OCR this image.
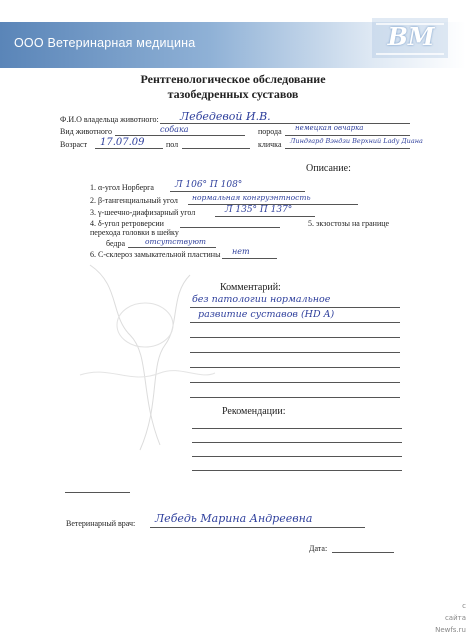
ООО Ветеринарная медицина	ВМ
Рентгенологическое обследование
тазобедренных суставов
Ф.И.О владельца животного: Лебедевой И.В.
Вид животного	собака	порода немецкая овчарка
Возраст 17.07.09	пол	кличка Линдгард Вэндзи Верхний Lady Диана
Описание:
1. α-угол Норберга Л 106° П 108°
2. β-тангенциальный угол нормальная конгруэнтность
3. γ-шеечно-диафизарный угол	Л 135° П 137°
4. δ-угол ретроверсии	5. экзостозы на границе
перехода головки в шейку
бедра	отсутствуют
6. С-склероз замыкательной пластины нет
Комментарий:
без патологии нормальное
развитие суставов (HD A)
Рекомендации:
Ветеринарный врач: Лебедь Марина Андреевна
Дата:
c
сайта
Newfs.ru
